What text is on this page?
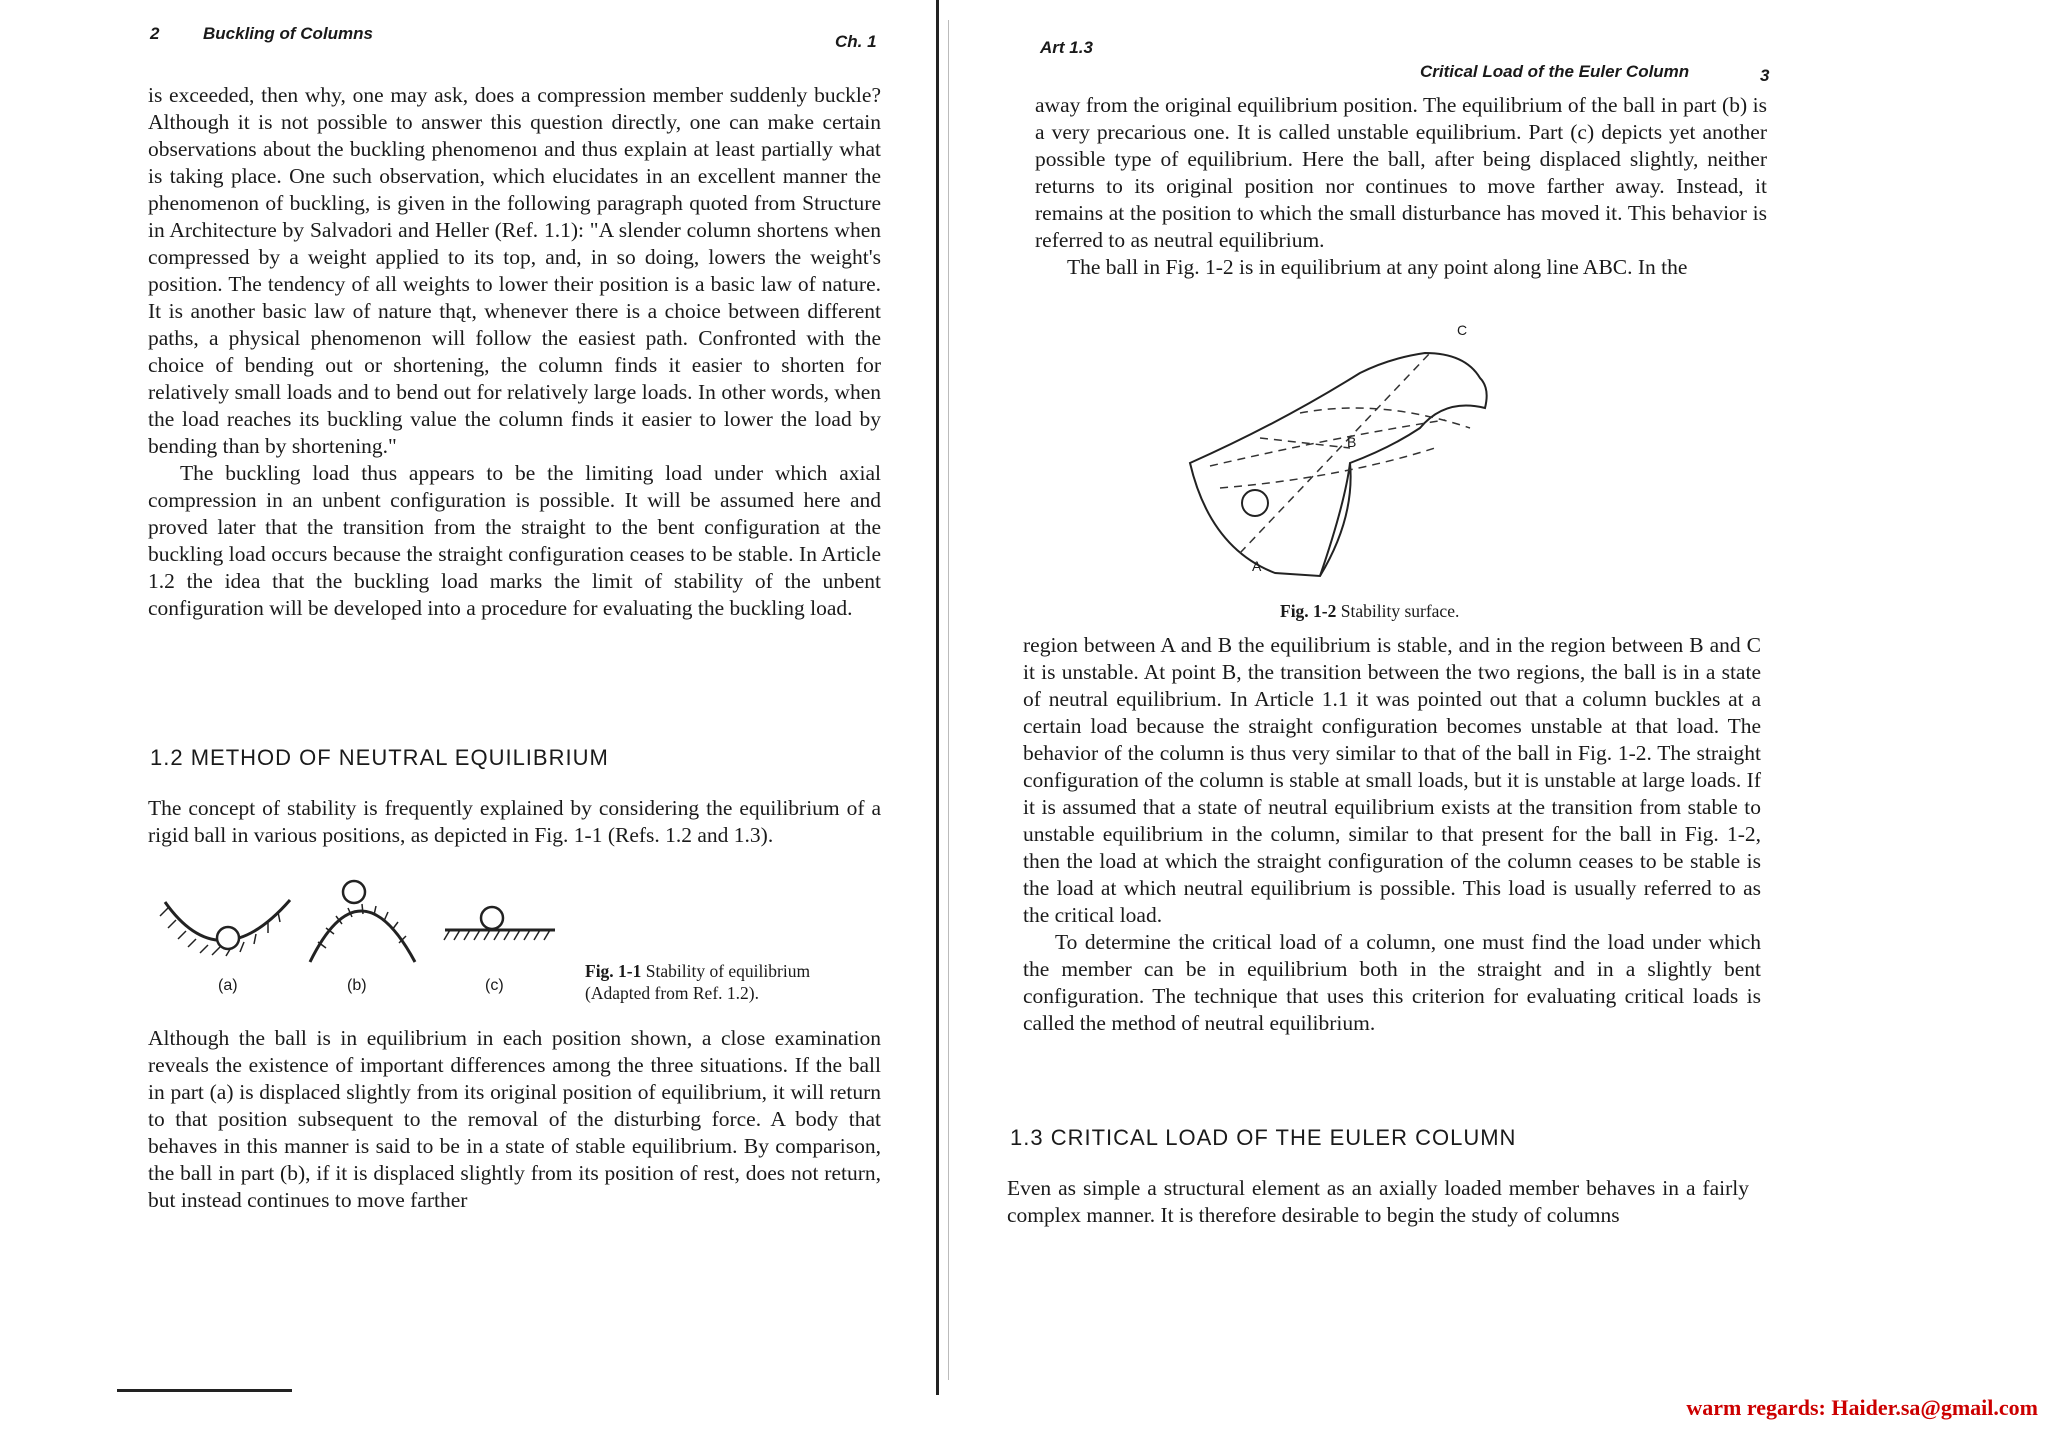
2	Buckling of Columns	Ch. 1

is exceeded, then why, one may ask, does a compression member suddenly buckle? Although it is not possible to answer this question directly, one can make certain observations about the buckling phenomenoı and thus explain at least partially what is taking place. One such observation, which elucidates in an excellent manner the phenomenon of buckling, is given in the following paragraph quoted from Structure in Architecture by Salvadori and Heller (Ref. 1.1): "A slender column shortens when compressed by a weight applied to its top, and, in so doing, lowers the weight's position. The tendency of all weights to lower their position is a basic law of nature. It is another basic law of nature thąt, whenever there is a choice between different paths, a physical phenomenon will follow the easiest path. Confronted with the choice of bending out or shortening, the column finds it easier to shorten for relatively small loads and to bend out for relatively large loads. In other words, when the load reaches its buckling value the column finds it easier to lower the load by bending than by shortening."

The buckling load thus appears to be the limiting load under which axial compression in an unbent configuration is possible. It will be assumed here and proved later that the transition from the straight to the bent configuration at the buckling load occurs because the straight configuration ceases to be stable. In Article 1.2 the idea that the buckling load marks the limit of stability of the unbent configuration will be developed into a procedure for evaluating the buckling load.

1.2 METHOD OF NEUTRAL EQUILIBRIUM
The concept of stability is frequently explained by considering the equilibrium of a rigid ball in various positions, as depicted in Fig. 1-1 (Refs. 1.2 and 1.3).
(a)	(b)	(c)
Fig. 1-1 Stability of equilibrium
(Adapted from Ref. 1.2).
Although the ball is in equilibrium in each position shown, a close examination reveals the existence of important differences among the three situations. If the ball in part (a) is displaced slightly from its original position of equilibrium, it will return to that position subsequent to the removal of the disturbing force. A body that behaves in this manner is said to be in a state of stable equilibrium. By comparison, the ball in part (b), if it is displaced slightly from its position of rest, does not return, but instead continues to move farther
Art 1.3
Critical Load of the Euler Column	3

away from the original equilibrium position. The equilibrium of the ball in part (b) is a very precarious one. It is called unstable equilibrium. Part (c) depicts yet another possible type of equilibrium. Here the ball, after being displaced slightly, neither returns to its original position nor continues to move farther away. Instead, it remains at the position to which the small disturbance has moved it. This behavior is referred to as neutral equilibrium.

The ball in Fig. 1-2 is in equilibrium at any point along line ABC. In the

A
B
C
Fig. 1-2 Stability surface.

region between A and B the equilibrium is stable, and in the region between B and C it is unstable. At point B, the transition between the two regions, the ball is in a state of neutral equilibrium. In Article 1.1 it was pointed out that a column buckles at a certain load because the straight configuration becomes unstable at that load. The behavior of the column is thus very similar to that of the ball in Fig. 1-2. The straight configuration of the column is stable at small loads, but it is unstable at large loads. If it is assumed that a state of neutral equilibrium exists at the transition from stable to unstable equilibrium in the column, similar to that present for the ball in Fig. 1-2, then the load at which the straight configuration of the column ceases to be stable is the load at which neutral equilibrium is possible. This load is usually referred to as the critical load.

To determine the critical load of a column, one must find the load under which the member can be in equilibrium both in the straight and in a slightly bent configuration. The technique that uses this criterion for evaluating critical loads is called the method of neutral equilibrium.

1.3 CRITICAL LOAD OF THE EULER COLUMN
Even as simple a structural element as an axially loaded member behaves in a fairly complex manner. It is therefore desirable to begin the study of columns
warm regards: Haider.sa@gmail.com
